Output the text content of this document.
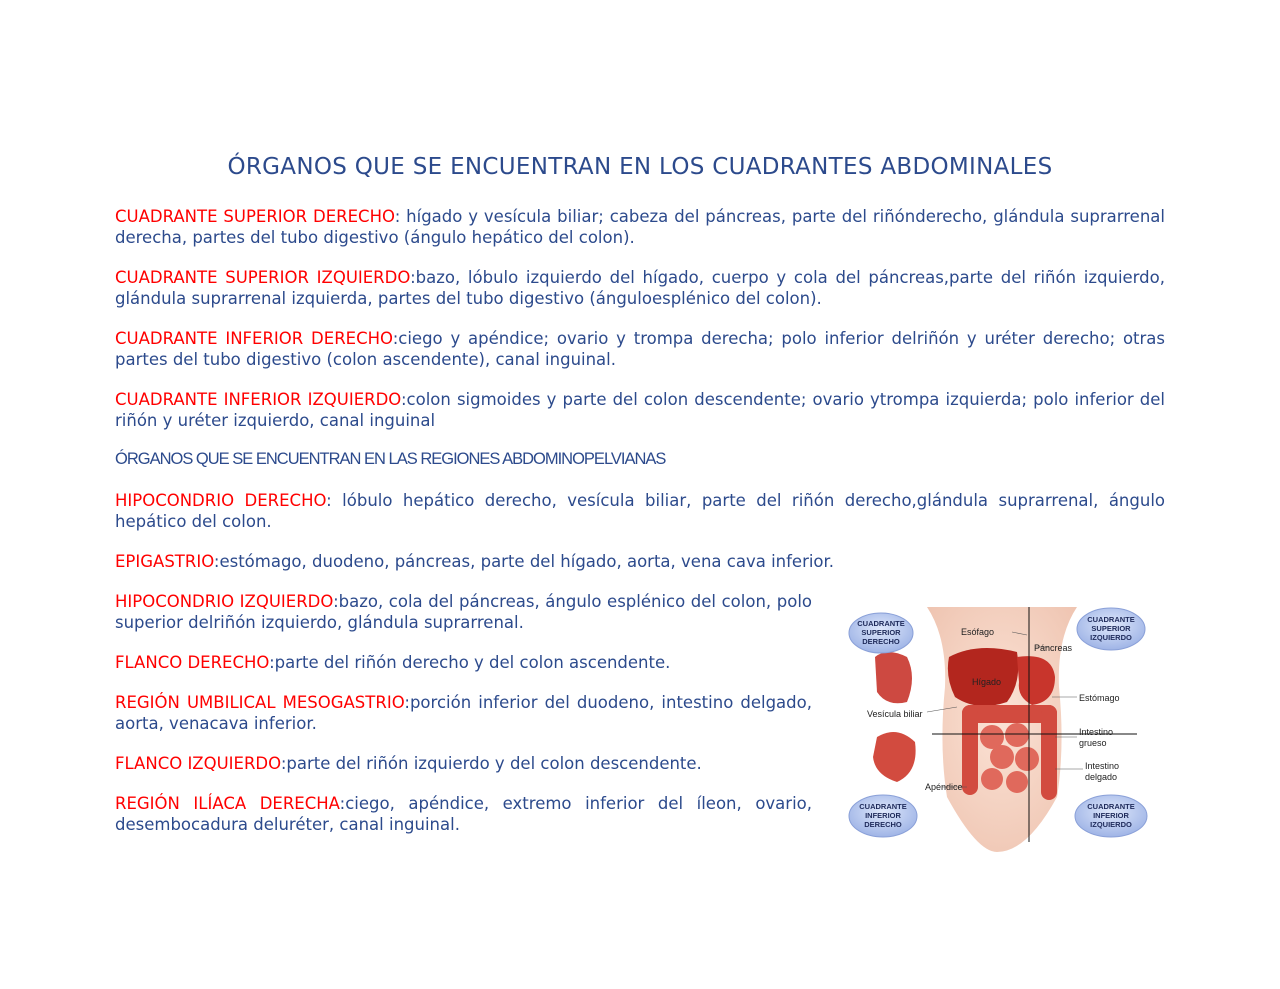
ÓRGANOS QUE SE ENCUENTRAN EN LOS CUADRANTES ABDOMINALES

CUADRANTE SUPERIOR DERECHO: hígado y vesícula biliar; cabeza del páncreas, parte del riñónderecho, glándula suprarrenal derecha, partes del tubo digestivo (ángulo hepático del colon).

CUADRANTE SUPERIOR IZQUIERDO:bazo, lóbulo izquierdo del hígado, cuerpo y cola del páncreas,parte del riñón izquierdo, glándula suprarrenal izquierda, partes del tubo digestivo (ánguloesplénico del colon).

CUADRANTE INFERIOR DERECHO:ciego y apéndice; ovario y trompa derecha; polo inferior delriñón y uréter derecho; otras partes del tubo digestivo (colon ascendente), canal inguinal.

CUADRANTE INFERIOR IZQUIERDO:colon sigmoides y parte del colon descendente; ovario ytrompa izquierda; polo inferior del riñón y uréter izquierdo, canal inguinal

ÓRGANOS QUE SE ENCUENTRAN EN LAS REGIONES ABDOMINOPELVIANAS

HIPOCONDRIO DERECHO: lóbulo hepático derecho, vesícula biliar, parte del riñón derecho,glándula suprarrenal, ángulo hepático del colon.

EPIGASTRIO:estómago, duodeno, páncreas, parte del hígado, aorta, vena cava inferior.

HIPOCONDRIO IZQUIERDO:bazo, cola del páncreas, ángulo esplénico del colon, polo superior delriñón izquierdo, glándula suprarrenal.

FLANCO DERECHO:parte del riñón derecho y del colon ascendente.

REGIÓN UMBILICAL MESOGASTRIO:porción inferior del duodeno, intestino delgado, aorta, venacava inferior.

FLANCO IZQUIERDO:parte del riñón izquierdo y del colon descendente.

REGIÓN ILÍACA DERECHA:ciego, apéndice, extremo inferior del íleon, ovario, desembocadura deluréter, canal inguinal.

Esófago
Páncreas
Hígado
Estómago
Vesícula biliar
Intestino
grueso
Intestino
delgado
Apéndice
CUADRANTE
SUPERIOR
DERECHO
CUADRANTE
SUPERIOR
IZQUIERDO
CUADRANTE
INFERIOR
DERECHO
CUADRANTE
INFERIOR
IZQUIERDO
